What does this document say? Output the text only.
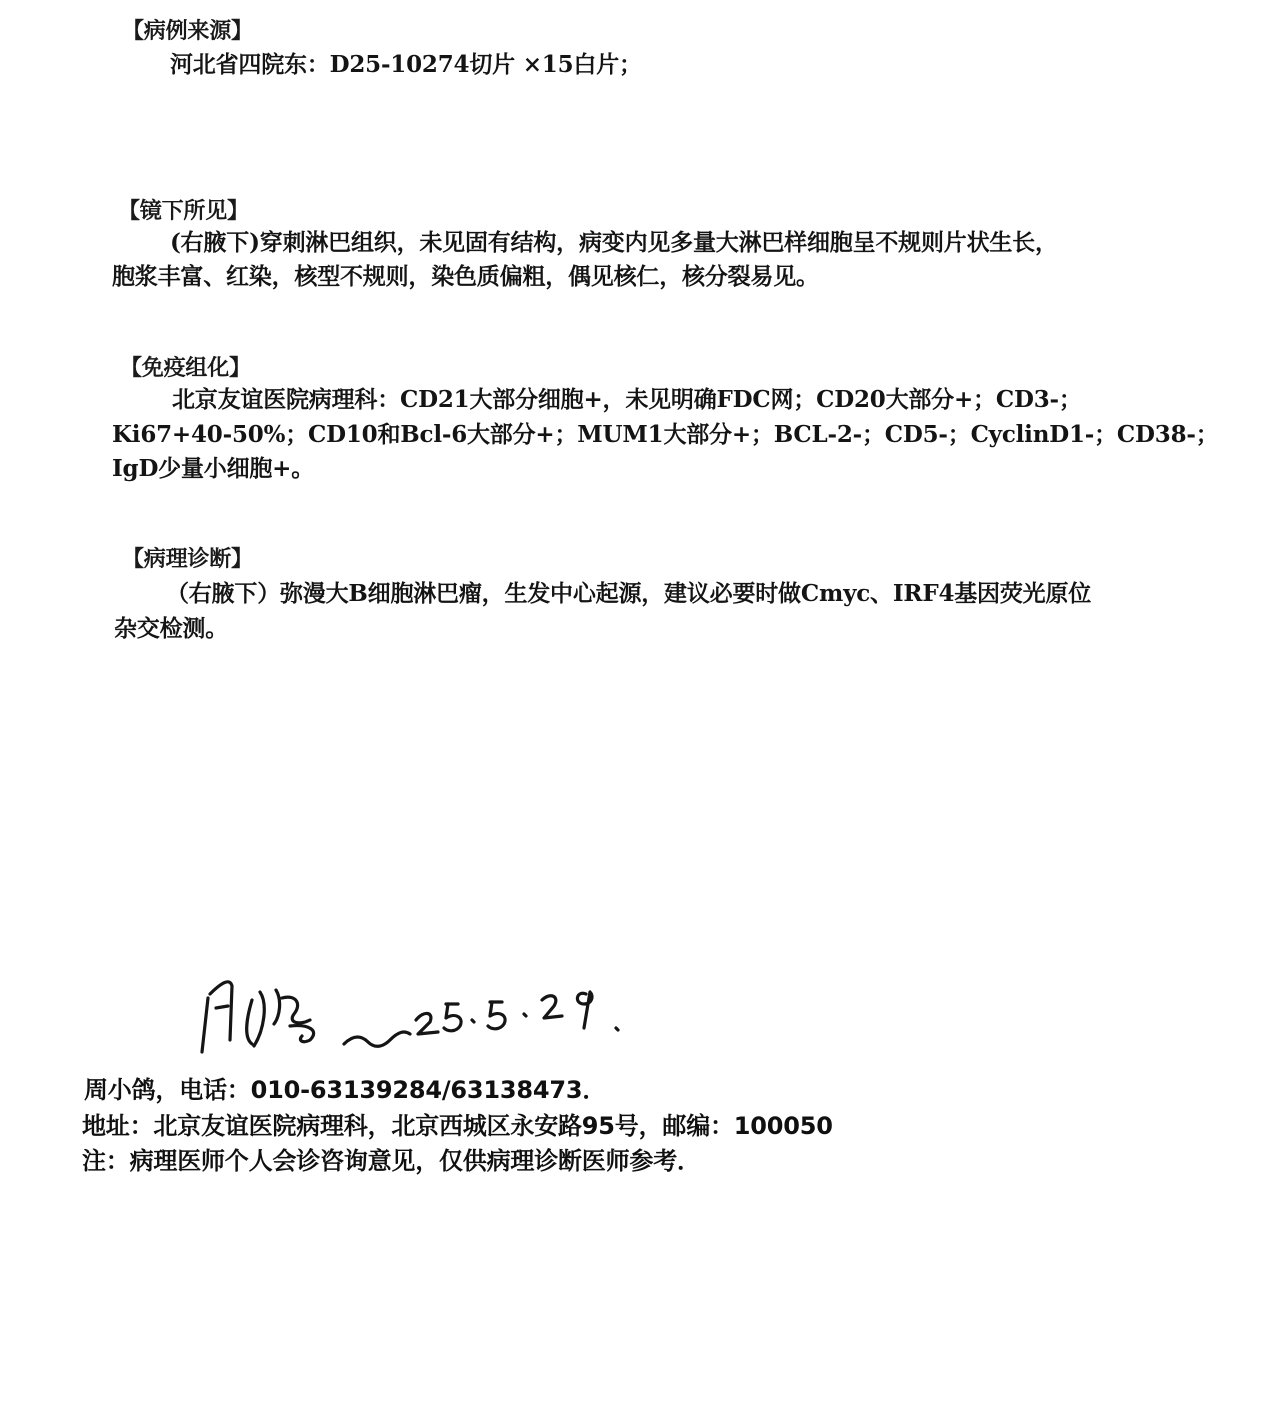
【病例来源】
河北省四院东：D25-10274切片 ×15白片；
【镜下所见】
(右腋下)穿刺淋巴组织，未见固有结构，病变内见多量大淋巴样细胞呈不规则片状生长，
胞浆丰富、红染，核型不规则，染色质偏粗，偶见核仁，核分裂易见。
【免疫组化】
北京友谊医院病理科：CD21大部分细胞+，未见明确FDC网；CD20大部分+；CD3-；
Ki67+40-50%；CD10和Bcl-6大部分+；MUM1大部分+；BCL-2-；CD5-；CyclinD1-；CD38-；
IgD少量小细胞+。
【病理诊断】
（右腋下）弥漫大B细胞淋巴瘤，生发中心起源，建议必要时做Cmyc、IRF4基因荧光原位
杂交检测。
周小鸽，电话：010-63139284/63138473．
地址：北京友谊医院病理科，北京西城区永安路95号，邮编：100050
注：病理医师个人会诊咨询意见，仅供病理诊断医师参考．
